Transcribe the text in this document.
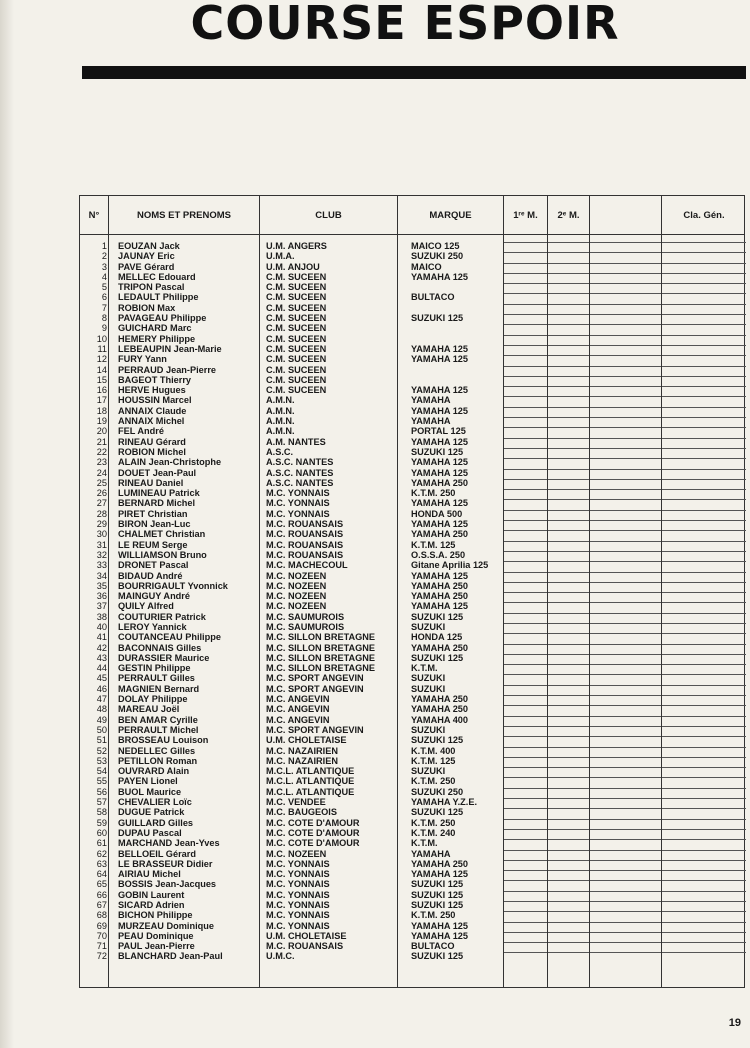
COURSE ESPOIR
N°	NOMS ET PRENOMS	CLUB	MARQUE	1ʳᵉ M.	2ᵉ M.	Cla. Gén.
1 EOUZAN Jack	U.M. ANGERS	MAICO 125
2 JAUNAY Eric	U.M.A.	SUZUKI 250
3 PAVE Gérard	U.M. ANJOU	MAICO
4 MELLEC Edouard	C.M. SUCEEN	YAMAHA 125
5 TRIPON Pascal	C.M. SUCEEN
6 LEDAULT Philippe	C.M. SUCEEN	BULTACO
7 ROBION Max	C.M. SUCEEN
8 PAVAGEAU Philippe	C.M. SUCEEN	SUZUKI 125
9 GUICHARD Marc	C.M. SUCEEN
10 HEMERY Philippe	C.M. SUCEEN
11 LEBEAUPIN Jean-Marie	C.M. SUCEEN	YAMAHA 125
12 FURY Yann	C.M. SUCEEN	YAMAHA 125
14 PERRAUD Jean-Pierre	C.M. SUCEEN
15 BAGEOT Thierry	C.M. SUCEEN
16 HERVE Hugues	C.M. SUCEEN	YAMAHA 125
17 HOUSSIN Marcel	A.M.N.	YAMAHA
18 ANNAIX Claude	A.M.N.	YAMAHA 125
19 ANNAIX Michel	A.M.N.	YAMAHA
20 FEL André	A.M.N.	PORTAL 125
21 RINEAU Gérard	A.M. NANTES	YAMAHA 125
22 ROBION Michel	A.S.C.	SUZUKI 125
23 ALAIN Jean-Christophe	A.S.C. NANTES	YAMAHA 125
24 DOUET Jean-Paul	A.S.C. NANTES	YAMAHA 125
25 RINEAU Daniel	A.S.C. NANTES	YAMAHA 250
26 LUMINEAU Patrick	M.C. YONNAIS	K.T.M. 250
27 BERNARD Michel	M.C. YONNAIS	YAMAHA 125
28 PIRET Christian	M.C. YONNAIS	HONDA 500
29 BIRON Jean-Luc	M.C. ROUANSAIS	YAMAHA 125
30 CHALMET Christian	M.C. ROUANSAIS	YAMAHA 250
31 LE REUM Serge	M.C. ROUANSAIS	K.T.M. 125
32 WILLIAMSON Bruno	M.C. ROUANSAIS	O.S.S.A. 250
33 DRONET Pascal	M.C. MACHECOUL	Gitane Aprilia 125
34 BIDAUD André	M.C. NOZEEN	YAMAHA 125
35 BOURRIGAULT Yvonnick	M.C. NOZEEN	YAMAHA 250
36 MAINGUY André	M.C. NOZEEN	YAMAHA 250
37 QUILY Alfred	M.C. NOZEEN	YAMAHA 125
38 COUTURIER Patrick	M.C. SAUMUROIS	SUZUKI 125
40 LEROY Yannick	M.C. SAUMUROIS	SUZUKI
41 COUTANCEAU Philippe	M.C. SILLON BRETAGNE	HONDA 125
42 BACONNAIS Gilles	M.C. SILLON BRETAGNE	YAMAHA 250
43 DURASSIER Maurice	M.C. SILLON BRETAGNE	SUZUKI 125
44 GESTIN Philippe	M.C. SILLON BRETAGNE	K.T.M.
45 PERRAULT Gilles	M.C. SPORT ANGEVIN	SUZUKI
46 MAGNIEN Bernard	M.C. SPORT ANGEVIN	SUZUKI
47 DOLAY Philippe	M.C. ANGEVIN	YAMAHA 250
48 MAREAU Joël	M.C. ANGEVIN	YAMAHA 250
49 BEN AMAR Cyrille	M.C. ANGEVIN	YAMAHA 400
50 PERRAULT Michel	M.C. SPORT ANGEVIN	SUZUKI
51 BROSSEAU Louison	U.M. CHOLETAISE	SUZUKI 125
52 NEDELLEC Gilles	M.C. NAZAIRIEN	K.T.M. 400
53 PETILLON Roman	M.C. NAZAIRIEN	K.T.M. 125
54 OUVRARD Alain	M.C.L. ATLANTIQUE	SUZUKI
55 PAYEN Lionel	M.C.L. ATLANTIQUE	K.T.M. 250
56 BUOL Maurice	M.C.L. ATLANTIQUE	SUZUKI 250
57 CHEVALIER Loïc	M.C. VENDEE	YAMAHA Y.Z.E.
58 DUGUE Patrick	M.C. BAUGEOIS	SUZUKI 125
59 GUILLARD Gilles	M.C. COTE D'AMOUR	K.T.M. 250
60 DUPAU Pascal	M.C. COTE D'AMOUR	K.T.M. 240
61 MARCHAND Jean-Yves	M.C. COTE D'AMOUR	K.T.M.
62 BELLOEIL Gérard	M.C. NOZEEN	YAMAHA
63 LE BRASSEUR Didier	M.C. YONNAIS	YAMAHA 250
64 AIRIAU Michel	M.C. YONNAIS	YAMAHA 125
65 BOSSIS Jean-Jacques	M.C. YONNAIS	SUZUKI 125
66 GOBIN Laurent	M.C. YONNAIS	SUZUKI 125
67 SICARD Adrien	M.C. YONNAIS	SUZUKI 125
68 BICHON Philippe	M.C. YONNAIS	K.T.M. 250
69 MURZEAU Dominique	M.C. YONNAIS	YAMAHA 125
70 PEAU Dominique	U.M. CHOLETAISE	YAMAHA 125
71 PAUL Jean-Pierre	M.C. ROUANSAIS	BULTACO
72 BLANCHARD Jean-Paul	U.M.C.	SUZUKI 125
19
